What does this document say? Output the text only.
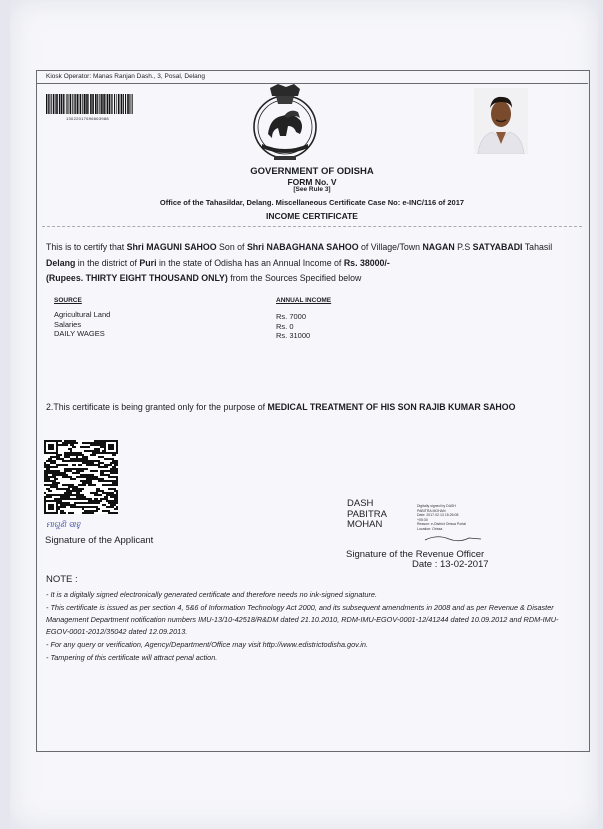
Kiosk Operator: Manas Ranjan Dash., 3, Posal, Delang
13022017696663988
GOVERNMENT OF ODISHA
FORM No. V
[See Rule 3]
Office of the Tahasildar, Delang. Miscellaneous Certificate Case No: e-INC/116 of 2017
INCOME CERTIFICATE
This is to certify that Shri MAGUNI SAHOO Son of Shri NABAGHANA SAHOO of Village/Town NAGAN P.S SATYABADI Tahasil Delang in the district of Puri in the state of Odisha has an Annual Income of Rs. 38000/-
(Rupees. THIRTY EIGHT THOUSAND ONLY) from the Sources Specified below
SOURCE	ANNUAL INCOME
Agricultural Land
Salaries
DAILY WAGES
Rs. 7000
Rs. 0
Rs. 31000
2.This certificate is being granted only for the purpose of MEDICAL TREATMENT OF HIS SON RAJIB KUMAR SAHOO
ମାଗୁଣି ସାହୁ
Signature of the Applicant
DASH
PABITRA
MOHAN
Digitally signed by DASH
PABITRA MOHAN
Date: 2017.02.13 15:26:08
+05:30
Reason: e-District Orissa Portal
Location: Orissa
Signature of the Revenue Officer
Date : 13-02-2017
NOTE :
- It is a digitally signed electronically generated certificate and therefore needs no ink-signed signature.
- This certificate is issued as per section 4, 5&6 of Information Technology Act 2000, and its subsequent amendments in 2008 and as per Revenue & Disaster Management Department notification numbers IMU-13/10-42518/R&DM dated 21.10.2010, RDM-IMU-EGOV-0001-12/41244 dated 10.09.2012 and RDM-IMU-EGOV-0001-2012/35042 dated 12.09.2013.
- For any query or verification, Agency/Department/Office may visit http://www.edistrictodisha.gov.in.
- Tampering of this certificate will attract penal action.
